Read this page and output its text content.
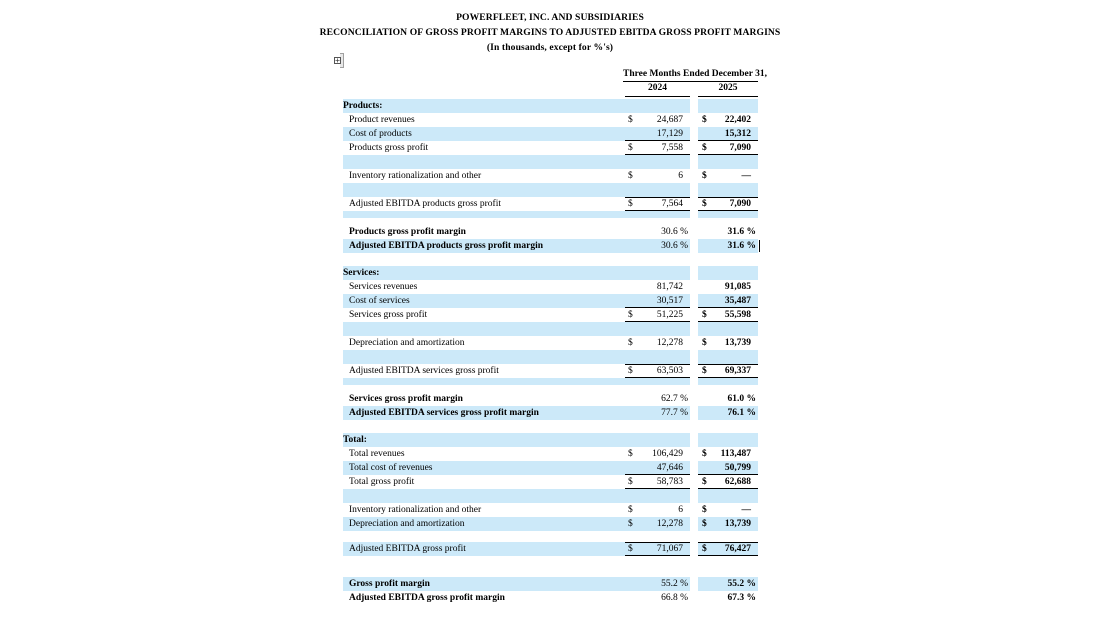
POWERFLEET, INC. AND SUBSIDIARIES
RECONCILIATION OF GROSS PROFIT MARGINS TO ADJUSTED EBITDA GROSS PROFIT MARGINS
(In thousands, except for %'s)
+
Three Months Ended December 31,
2024	2025
Products:
Product revenues	$	24,687 $ 22,402
Cost of products	17,129	15,312
Products gross profit	$	7,558 $ 7,090
Inventory rationalization and other	$	6 $	—
Adjusted EBITDA products gross profit	$	7,564 $ 7,090
Products gross profit margin	30.6 %	31.6 %
Adjusted EBITDA products gross profit margin	30.6 %	31.6 %
Services:
Services revenues	81,742	91,085
Cost of services	30,517	35,487
Services gross profit	$	51,225 $ 55,598
Depreciation and amortization	$	12,278 $ 13,739
Adjusted EBITDA services gross profit	$	63,503 $ 69,337
Services gross profit margin	62.7 %	61.0 %
Adjusted EBITDA services gross profit margin	77.7 %	76.1 %
Total:
Total revenues	$ 106,429 $ 113,487
Total cost of revenues	47,646	50,799
Total gross profit	$	58,783 $ 62,688
Inventory rationalization and other	$	6 $	—
Depreciation and amortization	$	12,278 $ 13,739
Adjusted EBITDA gross profit	$	71,067 $ 76,427
Gross profit margin	55.2 %	55.2 %
Adjusted EBITDA gross profit margin	66.8 %	67.3 %
